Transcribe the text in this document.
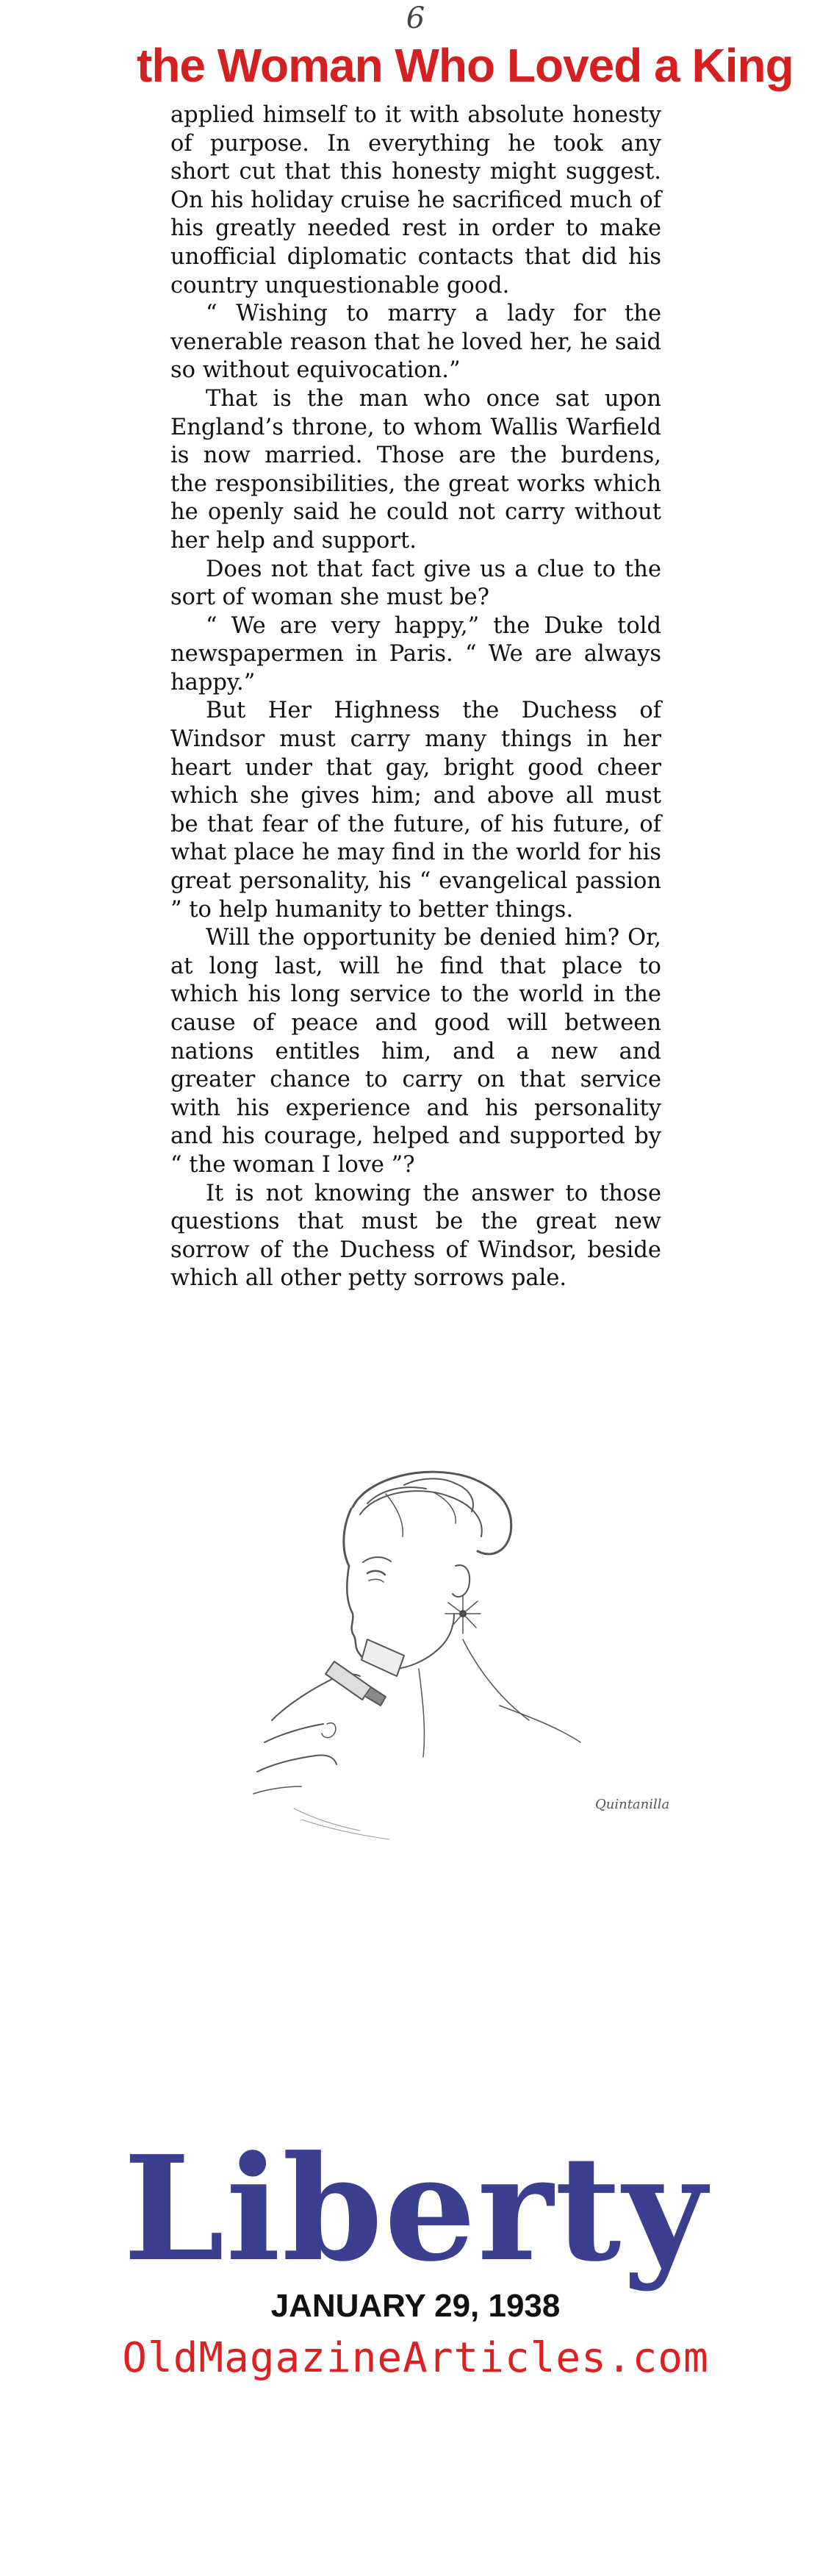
6
the Woman Who Loved a King

applied himself to it with absolute honesty of purpose. In everything he took any short cut that this honesty might suggest. On his holiday cruise he sacrificed much of his greatly needed rest in order to make unofficial diplomatic contacts that did his country unquestionable good.

“ Wishing to marry a lady for the venerable reason that he loved her, he said so without equivocation.”

That is the man who once sat upon England’s throne, to whom Wallis Warfield is now married. Those are the burdens, the responsibilities, the great works which he openly said he could not carry without her help and support.

Does not that fact give us a clue to the sort of woman she must be?

“ We are very happy,” the Duke told newspapermen in Paris. “ We are always happy.”

But Her Highness the Duchess of Windsor must carry many things in her heart under that gay, bright good cheer which she gives him; and above all must be that fear of the future, of his future, of what place he may find in the world for his great personality, his “ evangelical passion ” to help humanity to better things.

Will the opportunity be denied him? Or, at long last, will he find that place to which his long service to the world in the cause of peace and good will between nations entitles him, and a new and greater chance to carry on that service with his experience and his personality and his courage, helped and supported by “ the woman I love ”?

It is not knowing the answer to those questions that must be the great new sorrow of the Duchess of Windsor, beside which all other petty sorrows pale.

Quintanilla
Liberty
JANUARY 29, 1938
OldMagazineArticles.com
